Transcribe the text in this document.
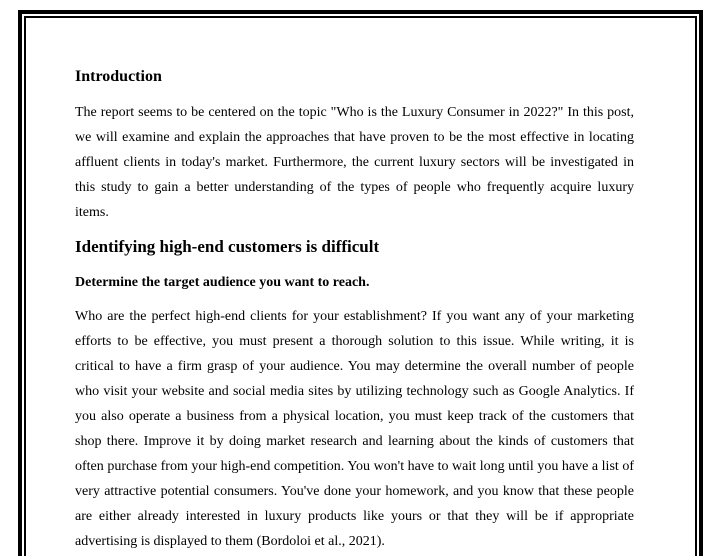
Introduction

The report seems to be centered on the topic "Who is the Luxury Consumer in 2022?" In this post, we will examine and explain the approaches that have proven to be the most effective in locating affluent clients in today's market. Furthermore, the current luxury sectors will be investigated in this study to gain a better understanding of the types of people who frequently acquire luxury items.

Identifying high-end customers is difficult
Determine the target audience you want to reach.

Who are the perfect high-end clients for your establishment? If you want any of your marketing efforts to be effective, you must present a thorough solution to this issue. While writing, it is critical to have a firm grasp of your audience. You may determine the overall number of people who visit your website and social media sites by utilizing technology such as Google Analytics. If you also operate a business from a physical location, you must keep track of the customers that shop there. Improve it by doing market research and learning about the kinds of customers that often purchase from your high-end competition. You won't have to wait long until you have a list of very attractive potential consumers. You've done your homework, and you know that these people are either already interested in luxury products like yours or that they will be if appropriate advertising is displayed to them (Bordoloi et al., 2021).
